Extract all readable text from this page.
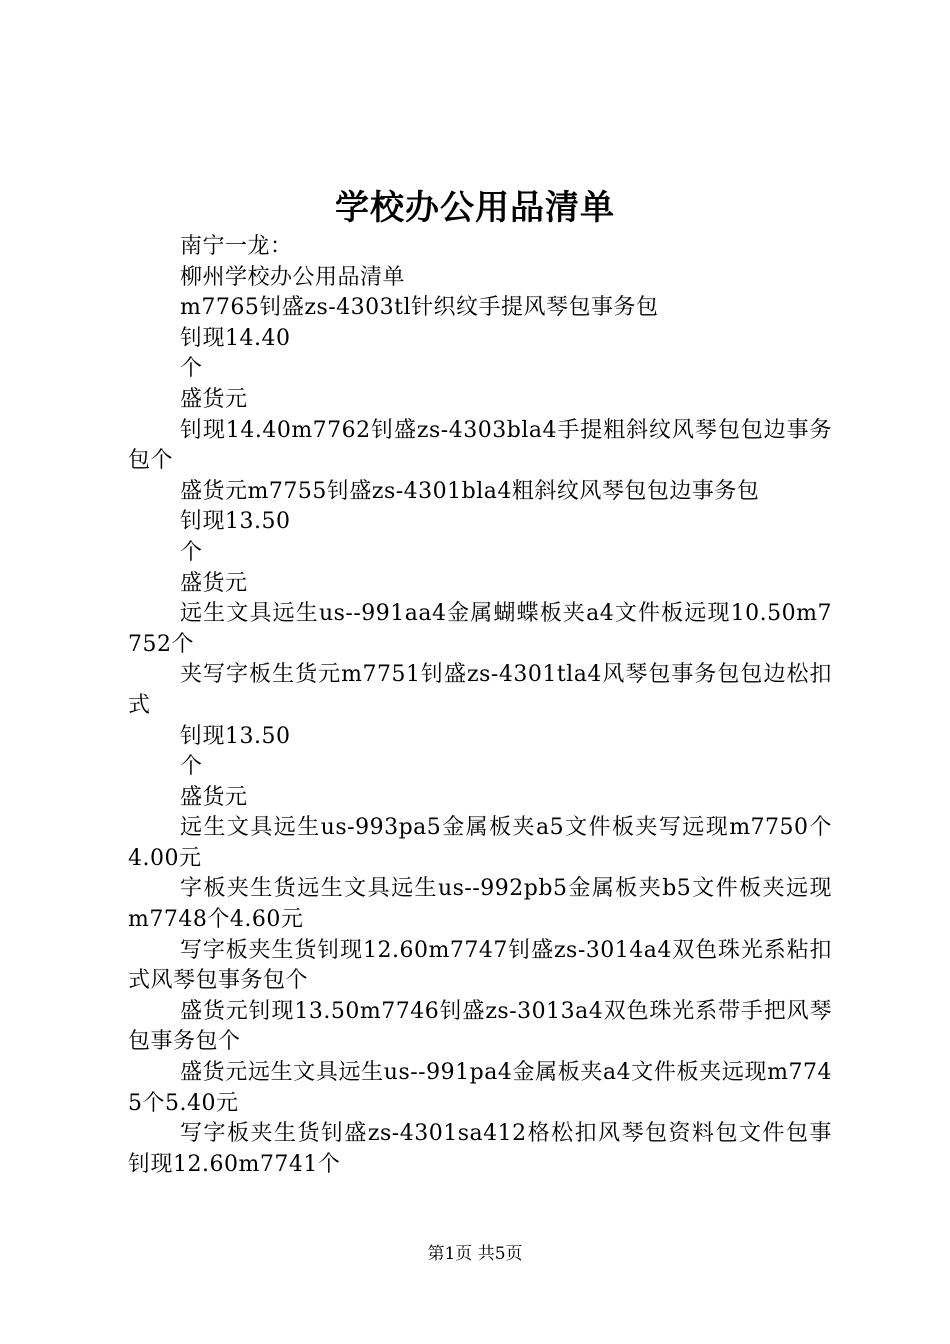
学校办公用品清单

南宁一龙：

柳州学校办公用品清单

m7765钊盛zs-4303tl针织纹手提风琴包事务包

钊现14.40

个

盛货元

钊现14.40m7762钊盛zs-4303bla4手提粗斜纹风琴包包边事务包个

盛货元m7755钊盛zs-4301bla4粗斜纹风琴包包边事务包

钊现13.50

个

盛货元

远生文具远生us--991aa4金属蝴蝶板夹a4文件板远现10.50m7752个

夹写字板生货元m7751钊盛zs-4301tla4风琴包事务包包边松扣式

钊现13.50

个

盛货元

远生文具远生us-993pa5金属板夹a5文件板夹写远现m7750个4.00元

字板夹生货远生文具远生us--992pb5金属板夹b5文件板夹远现m7748个4.60元

写字板夹生货钊现12.60m7747钊盛zs-3014a4双色珠光系粘扣式风琴包事务包个

盛货元钊现13.50m7746钊盛zs-3013a4双色珠光系带手把风琴包事务包个

盛货元远生文具远生us--991pa4金属板夹a4文件板夹远现m7745个5.40元

写字板夹生货钊盛zs-4301sa412格松扣风琴包资料包文件包事钊现12.60m7741个

第1页 共5页
